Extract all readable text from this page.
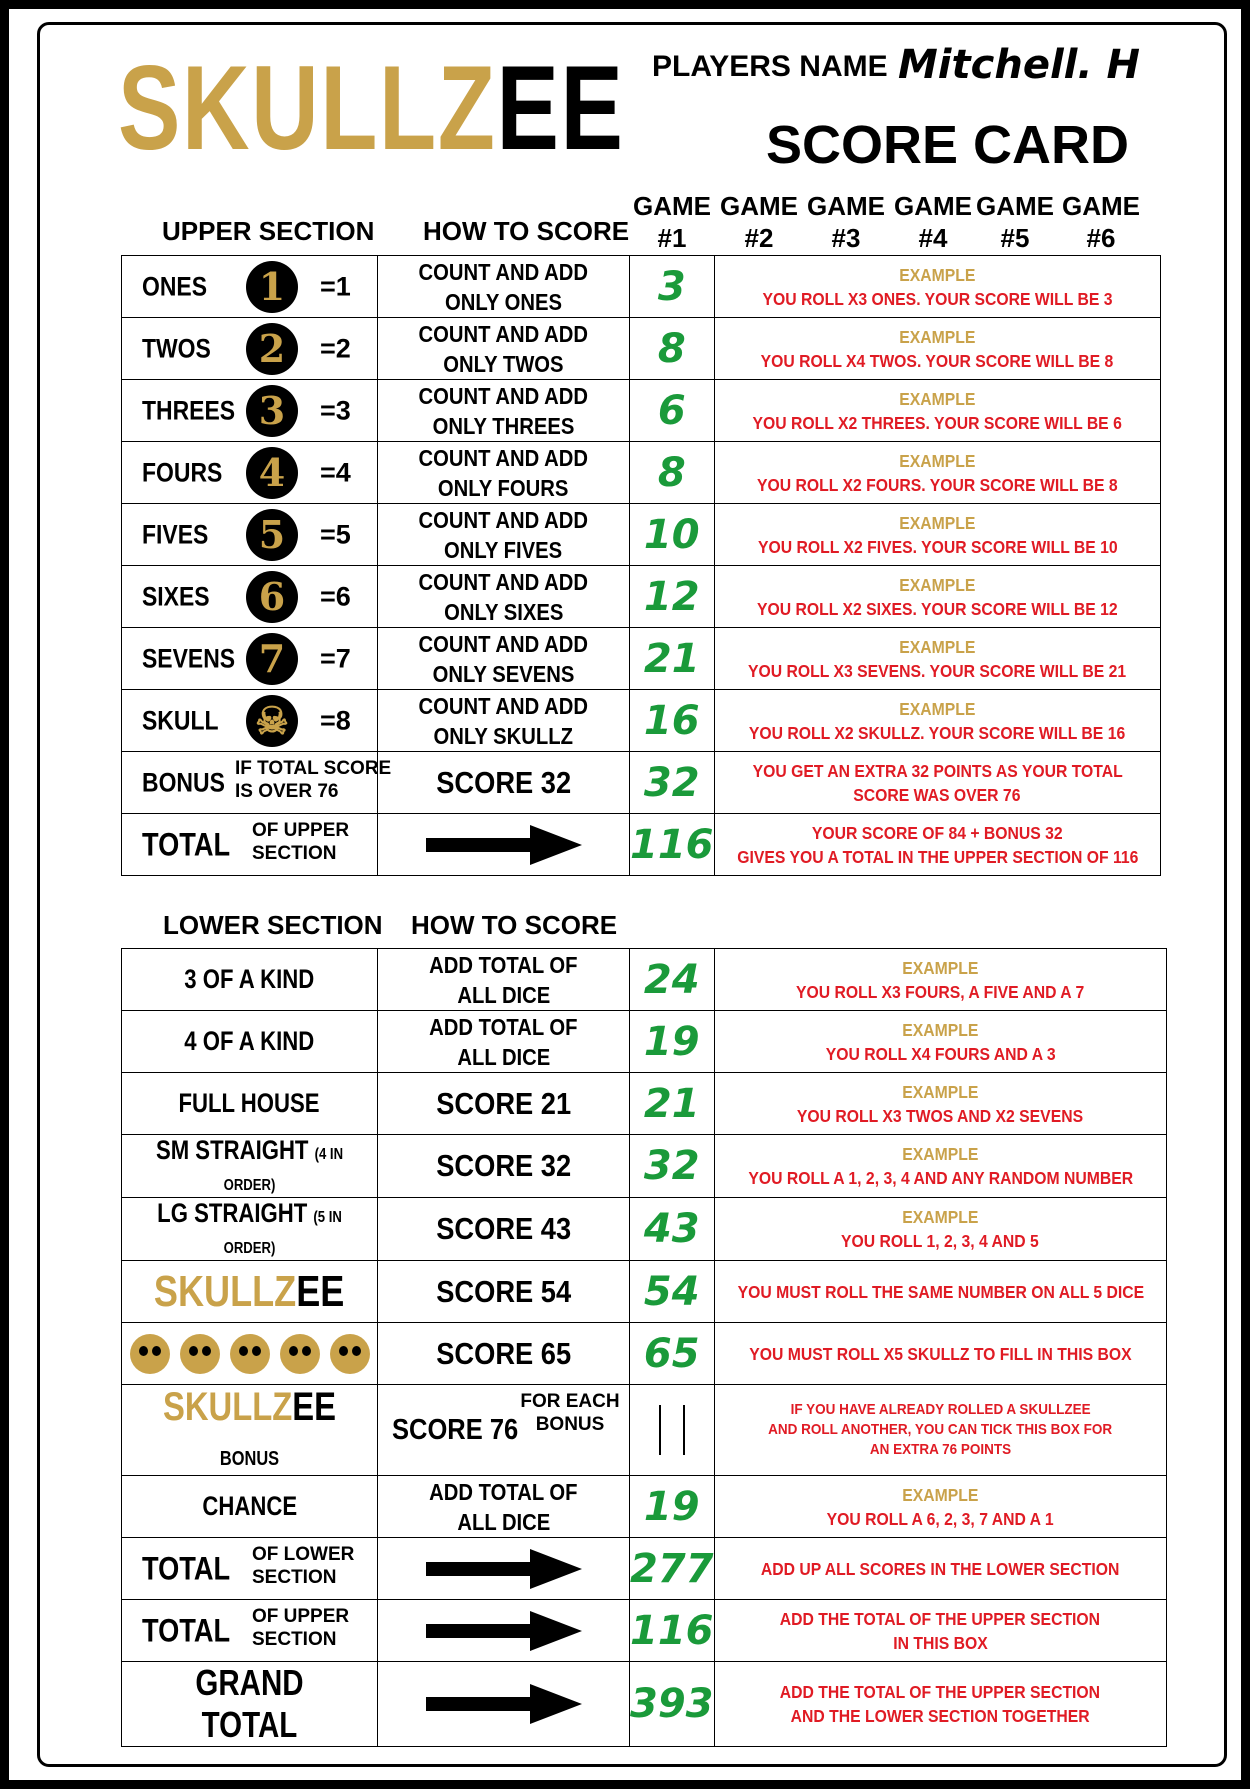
SKULLZEE PLAYERS NAME Mitchell. H
SCORE CARD
UPPER SECTION HOW TO SCORE
GAME
#1
GAME
#2
GAME
#3
GAME
#4
GAME
#5
GAME
#6
ONES 1 =1	COUNT AND ADD
ONLY ONES	3	EXAMPLE
YOU ROLL X3 ONES. YOUR SCORE WILL BE 3

TWOS 2 =2	COUNT AND ADD
ONLY TWOS	8	EXAMPLE
YOU ROLL X4 TWOS. YOUR SCORE WILL BE 8

THREES 3 =3	COUNT AND ADD
ONLY THREES	6	EXAMPLE
YOU ROLL X2 THREES. YOUR SCORE WILL BE 6

FOURS 4 =4	COUNT AND ADD
ONLY FOURS	8	EXAMPLE
YOU ROLL X2 FOURS. YOUR SCORE WILL BE 8

FIVES 5 =5	COUNT AND ADD
ONLY FIVES	10	EXAMPLE
YOU ROLL X2 FIVES. YOUR SCORE WILL BE 10

SIXES 6 =6	COUNT AND ADD
ONLY SIXES	12	EXAMPLE
YOU ROLL X2 SIXES. YOUR SCORE WILL BE 12

SEVENS 7 =7	COUNT AND ADD
ONLY SEVENS	21	EXAMPLE
YOU ROLL X3 SEVENS. YOUR SCORE WILL BE 21

SKULL ☠ =8	COUNT AND ADD
ONLY SKULLZ	16	EXAMPLE
YOU ROLL X2 SKULLZ. YOUR SCORE WILL BE 16

BONUS IF TOTAL SCORE
IS OVER 76	SCORE 32	32	YOU GET AN EXTRA 32 POINTS AS YOUR TOTAL
SCORE WAS OVER 76

TOTAL OF UPPER
SECTION		116	YOUR SCORE OF 84 + BONUS 32
GIVES YOU A TOTAL IN THE UPPER SECTION OF 116
LOWER SECTION HOW TO SCORE
3 OF A KIND	ADD TOTAL OF
ALL DICE	24	EXAMPLE
YOU ROLL X3 FOURS, A FIVE AND A 7

4 OF A KIND	ADD TOTAL OF
ALL DICE	19	EXAMPLE
YOU ROLL X4 FOURS AND A 3

FULL HOUSE	SCORE 21	21	EXAMPLE
YOU ROLL X3 TWOS AND X2 SEVENS

SM STRAIGHT (4 IN ORDER)	SCORE 32	32	EXAMPLE
YOU ROLL A 1, 2, 3, 4 AND ANY RANDOM NUMBER

LG STRAIGHT (5 IN ORDER)	SCORE 43	43	EXAMPLE
YOU ROLL 1, 2, 3, 4 AND 5

SKULLZEE	SCORE 54	54	YOU MUST ROLL THE SAME NUMBER ON ALL 5 DICE

	SCORE 65	65	YOU MUST ROLL X5 SKULLZ TO FILL IN THIS BOX

SKULLZEE BONUS	SCORE 76
FOR EACH
BONUS		IF YOU HAVE ALREADY ROLLED A SKULLZEE
AND ROLL ANOTHER, YOU CAN TICK THIS BOX FOR
AN EXTRA 76 POINTS

CHANCE	ADD TOTAL OF
ALL DICE	19	EXAMPLE
YOU ROLL A 6, 2, 3, 7 AND A 1

TOTAL OF LOWER
SECTION		277	ADD UP ALL SCORES IN THE LOWER SECTION

TOTAL OF UPPER
SECTION		116	ADD THE TOTAL OF THE UPPER SECTION
IN THIS BOX

GRAND TOTAL		393	ADD THE TOTAL OF THE UPPER SECTION
AND THE LOWER SECTION TOGETHER
